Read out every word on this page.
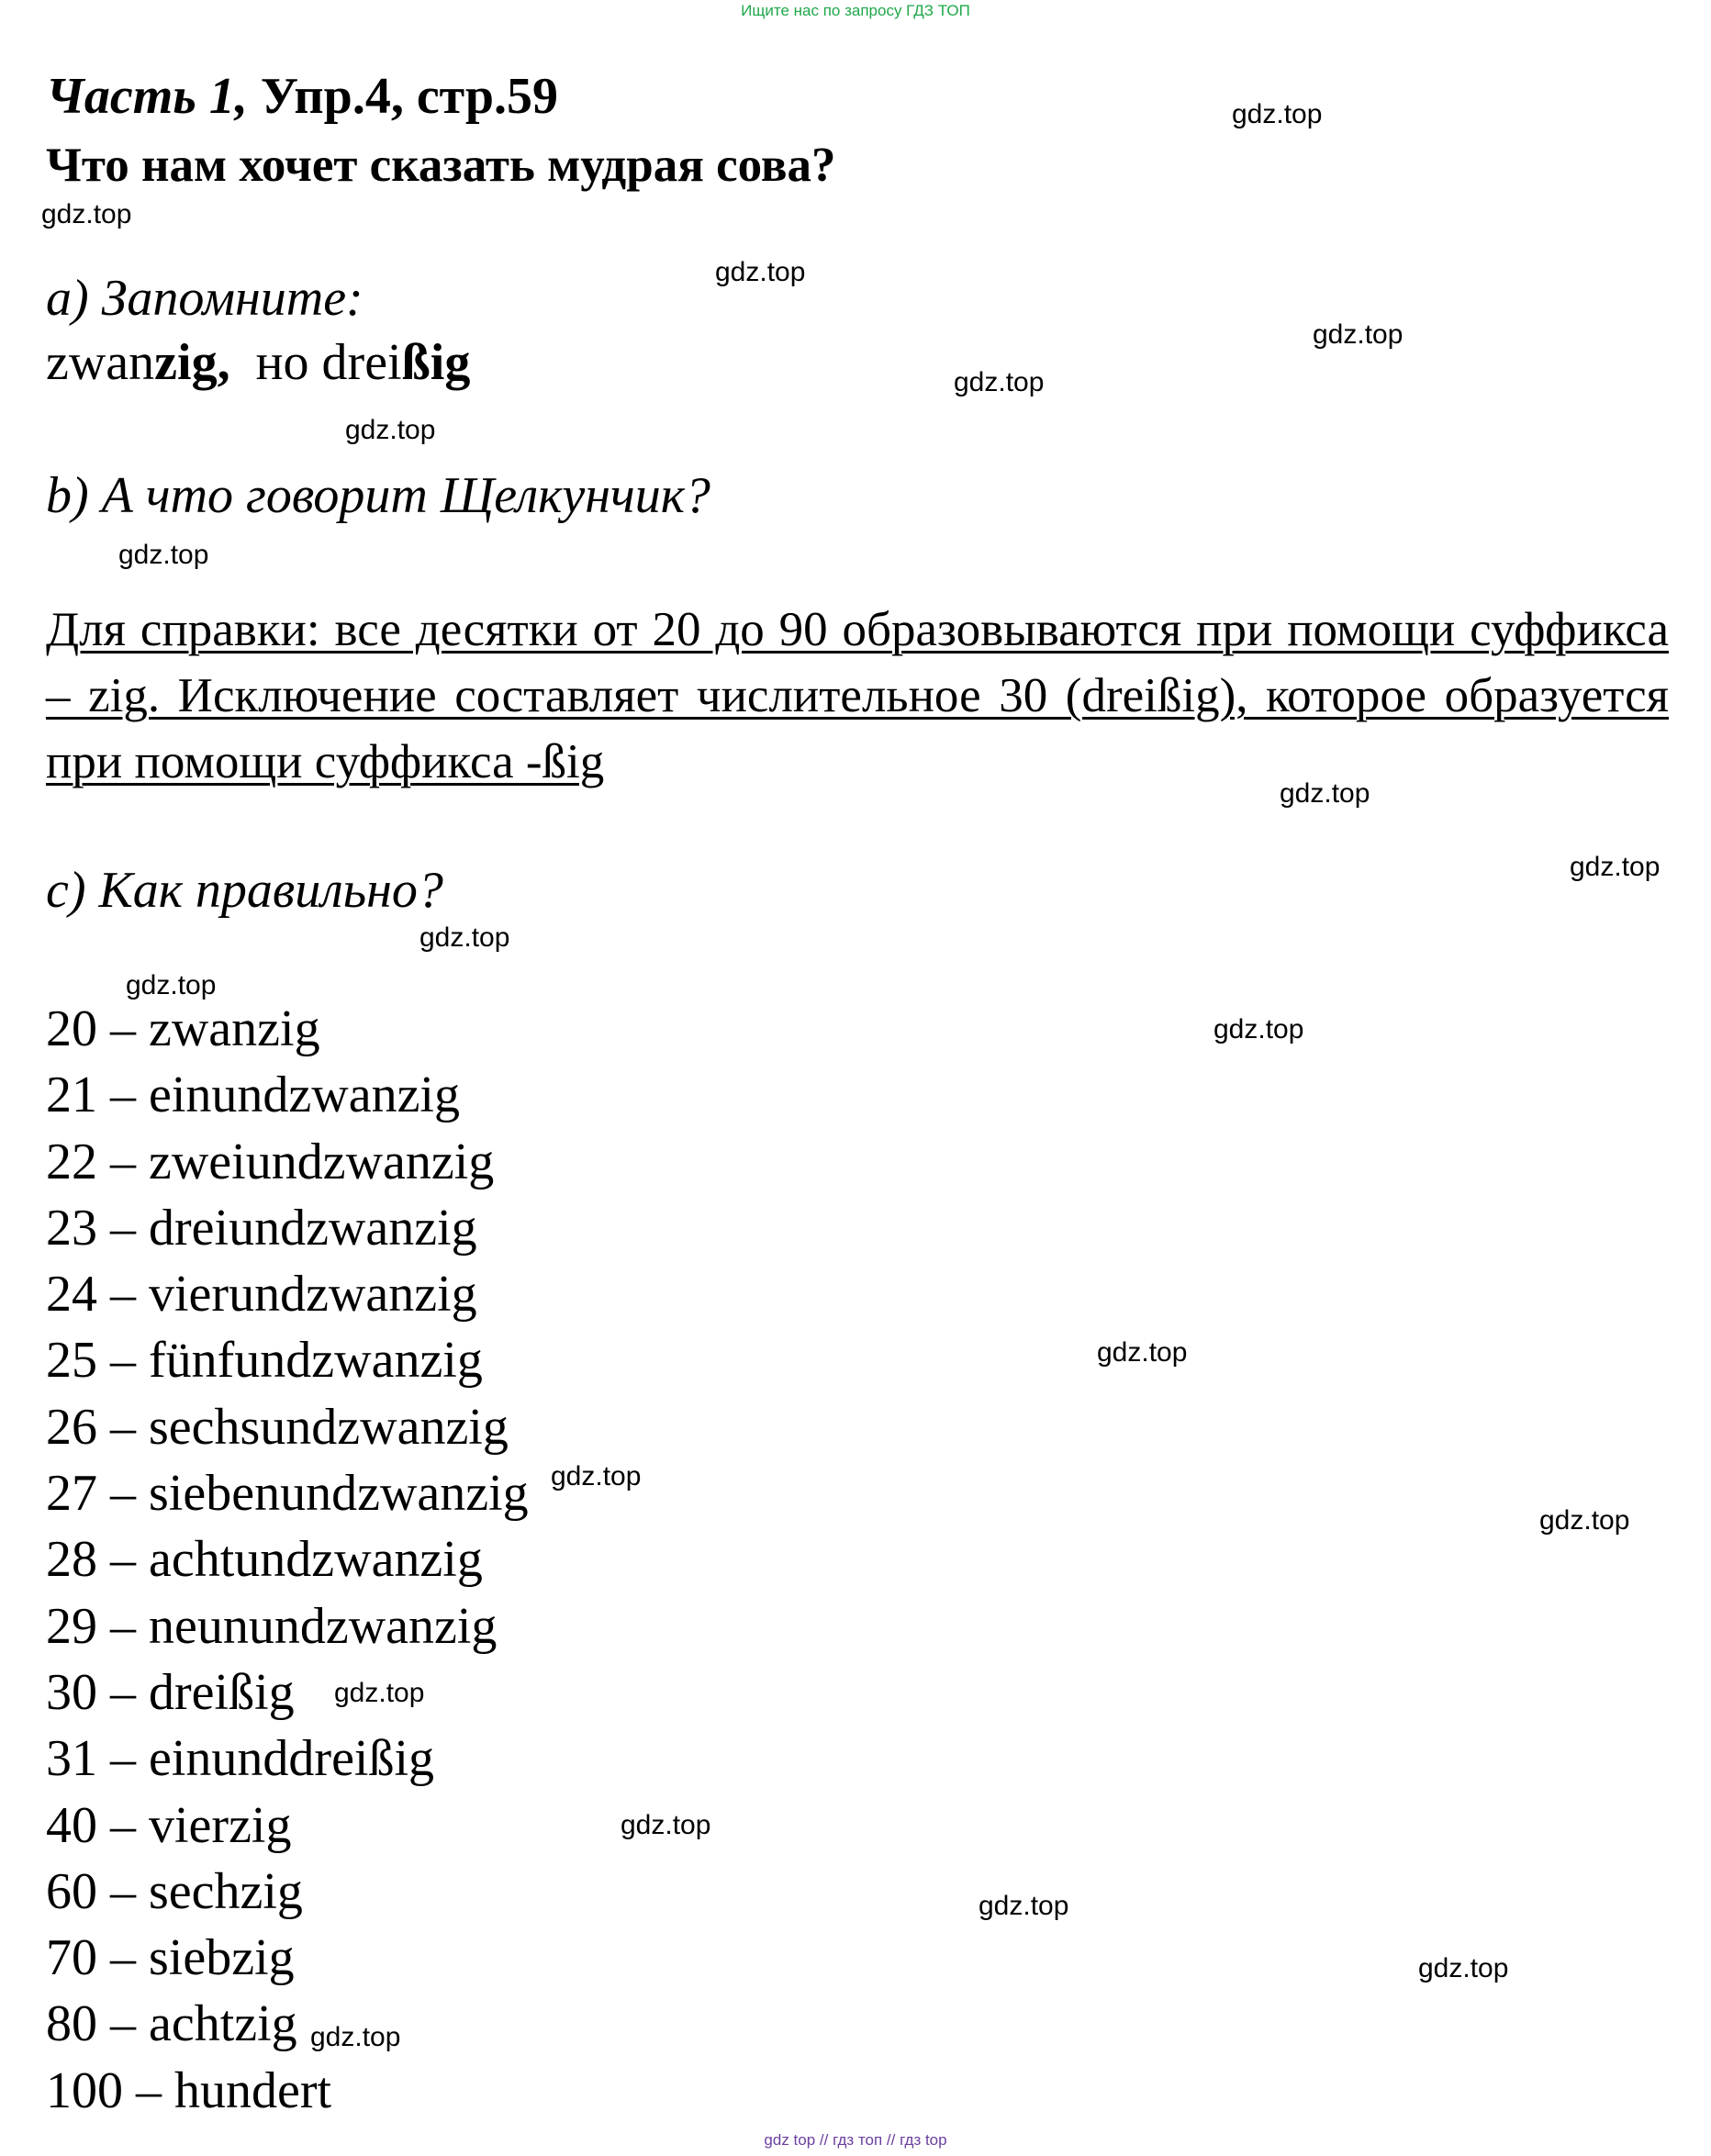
Ищите нас по запросу ГДЗ ТОП
Часть 1, Упр.4, стр.59
Что нам хочет сказать мудрая сова?
a) Запомните:
zwanzig, но dreißig
b) А что говорит Щелкунчик?
Для справки: все десятки от 20 до 90 образовываются при помощи суффикса – zig. Исключение составляет числительное 30 (dreißig), которое образуется при помощи суффикса -ßig
c) Как правильно?
20 – zwanzig
21 – einundzwanzig
22 – zweiundzwanzig
23 – dreiundzwanzig
24 – vierundzwanzig
25 – fünfundzwanzig
26 – sechsundzwanzig
27 – siebenundzwanzig
28 – achtundzwanzig
29 – neunundzwanzig
30 – dreißig
31 – einunddreißig
40 – vierzig
60 – sechzig
70 – siebzig
80 – achtzig
100 – hundert
gdz.top
gdz.top
gdz.top
gdz.top
gdz.top
gdz.top
gdz.top
gdz.top
gdz.top
gdz.top
gdz.top
gdz.top
gdz.top
gdz.top
gdz.top
gdz.top
gdz.top
gdz.top
gdz.top
gdz.top
gdz top // гдз топ // гдз top
